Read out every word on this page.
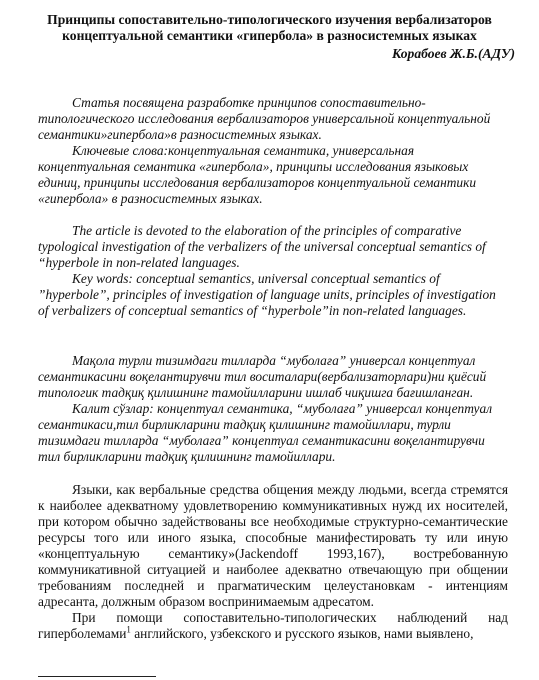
Принципы сопоставительно-типологического изучения вербализаторов
концептуальной семантики «гипербола» в разносистемных языках
Корабоев Ж.Б.(АДУ)

Статья посвящена разработке принципов сопоставительно-типологического исследования вербализаторов универсальной концептуальной семантики»гипербола»в разносистемных языках.

Ключевые слова:концептуальная семантика, универсальная концептуальная семантика «гипербола», принципы исследования языковых единиц, принципы исследования вербализаторов концептуальной семантики «гипербола» в разносистемных языках.

The article is devoted to the elaboration of the principles of comparative typological investigation of the verbalizers of the universal conceptual semantics of “hyperbole in non-related languages.

Key words: conceptual semantics, universal conceptual semantics of ”hyperbole”, principles of investigation of language units, principles of investigation of verbalizers of conceptual semantics of “hyperbole”in non-related languages.

Мақола турли тизимдаги тилларда “муболағa” универсал концептуал семантикасини воқелантирувчи тил воситалари(вербализаторлари)ни қиёсий типологик тадқиқ қилишнинг тамойилларини ишлаб чиқишга бағишланган.

Калит сўзлар: концептуал семантика, “муболаға” универсал концептуал семантикаси,тил бирликларини тадқиқ қилишнинг тамойиллари, турли тизимдаги тилларда “муболаға” концептуал семантикасини воқелантирувчи тил бирликларини тадқиқ қилишнинг тамойиллари.

Языки, как вербальные средства общения между людьми, всегда стремятся к наиболее адекватному удовлетворению коммуникативных нужд их носителей, при котором обычно задействованы все необходимые структурно-семантические ресурсы того или иного языка, способные манифестировать ту или иную «концептуальную семантику»(Jackendoff 1993,167), востребованную коммуникативной ситуацией и наиболее адекватно отвечающую при общении требованиям последней и прагматическим целеустановкам - интенциям адресанта, должным образом воспринимаемым адресатом.

При помощи сопоставительно-типологических наблюдений над гиперболемами$^1$ английского, узбекского и русского языков, нами выявлено,
